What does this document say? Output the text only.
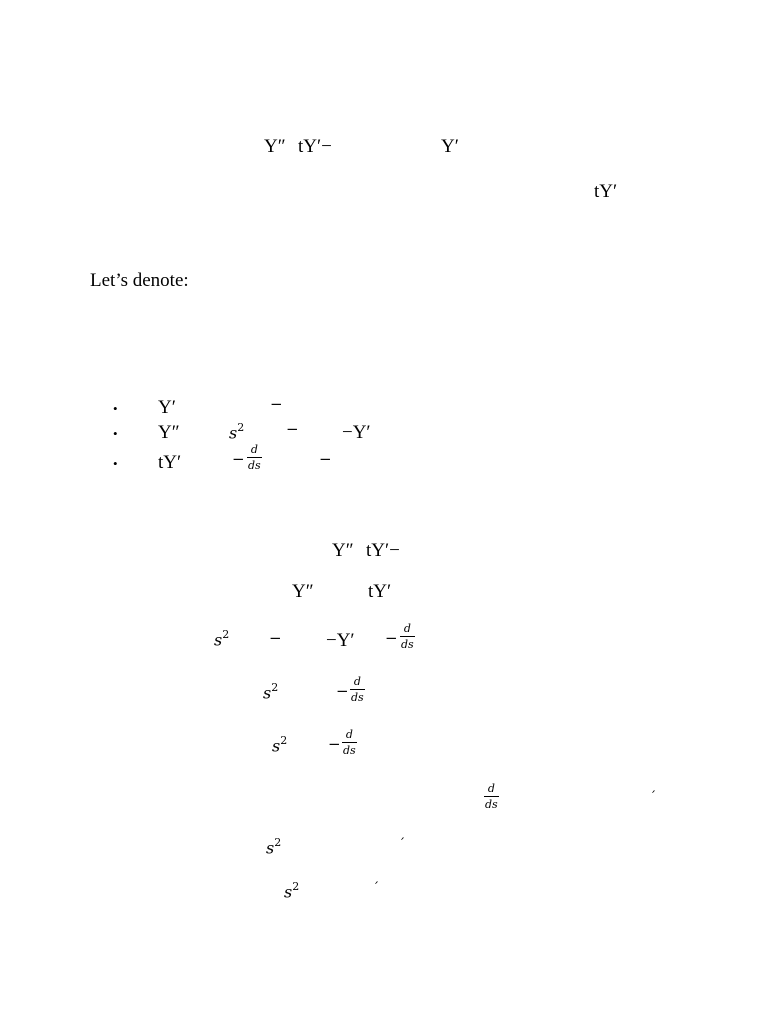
Y″ tY′−	Y′
tY′
Let’s denote:
• Y′	−
• Y″	$s^2$	− −Y′
• tY′	−
d
ds	−
Y″ tY′−
Y″	tY′
$s^2$	− −Y′ −
d
ds
$s^2$	−
d
ds
$s^2$	−
d
ds
d
ds	′
$s^2$	′
$s^2$	′
